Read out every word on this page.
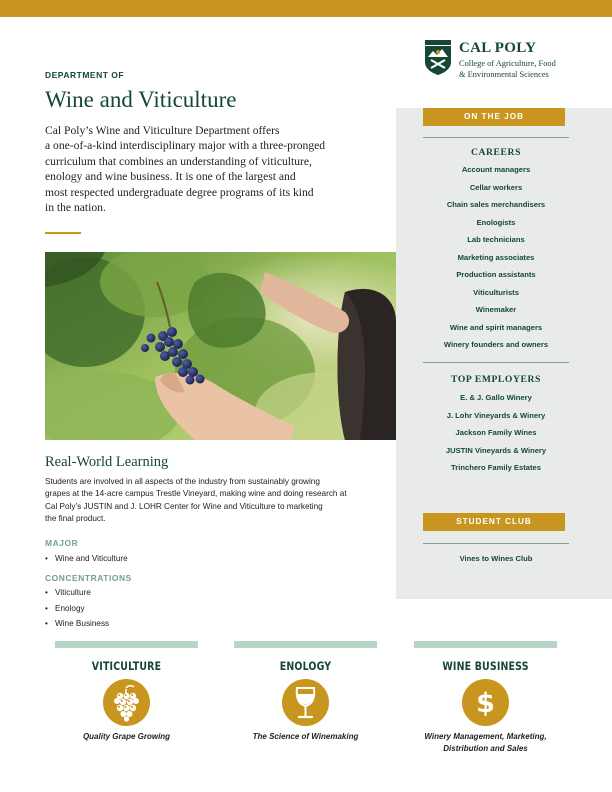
CAL POLY
College of Agriculture, Food
& Environmental Sciences
DEPARTMENT OF
Wine and Viticulture

Cal Poly’s Wine and Viticulture Department offers
a one-of-a-kind interdisciplinary major with a three-pronged
curriculum that combines an understanding of viticulture,
enology and wine business. It is one of the largest and
most respected undergraduate degree programs of its kind
in the nation.

Real-World Learning

Students are involved in all aspects of the industry from sustainably growing
grapes at the 14-acre campus Trestle Vineyard, making wine and doing research at
Cal Poly’s JUSTIN and J. LOHR Center for Wine and Viticulture to marketing
the final product.

MAJOR
• Wine and Viticulture
CONCENTRATIONS
• Viticulture
• Enology
• Wine Business
ON THE JOB
CAREERS
Account managers
Cellar workers
Chain sales merchandisers
Enologists
Lab technicians
Marketing associates
Production assistants
Viticulturists
Winemaker
Wine and spirit managers
Winery founders and owners
TOP EMPLOYERS
E. & J. Gallo Winery
J. Lohr Vineyards & Winery
Jackson Family Wines
JUSTIN Vineyards & Winery
Trinchero Family Estates
STUDENT CLUB
Vines to Wines Club
VITICULTURE
Quality Grape Growing
ENOLOGY
The Science of Winemaking
WINE BUSINESS
$
Winery Management, Marketing,
Distribution and Sales
